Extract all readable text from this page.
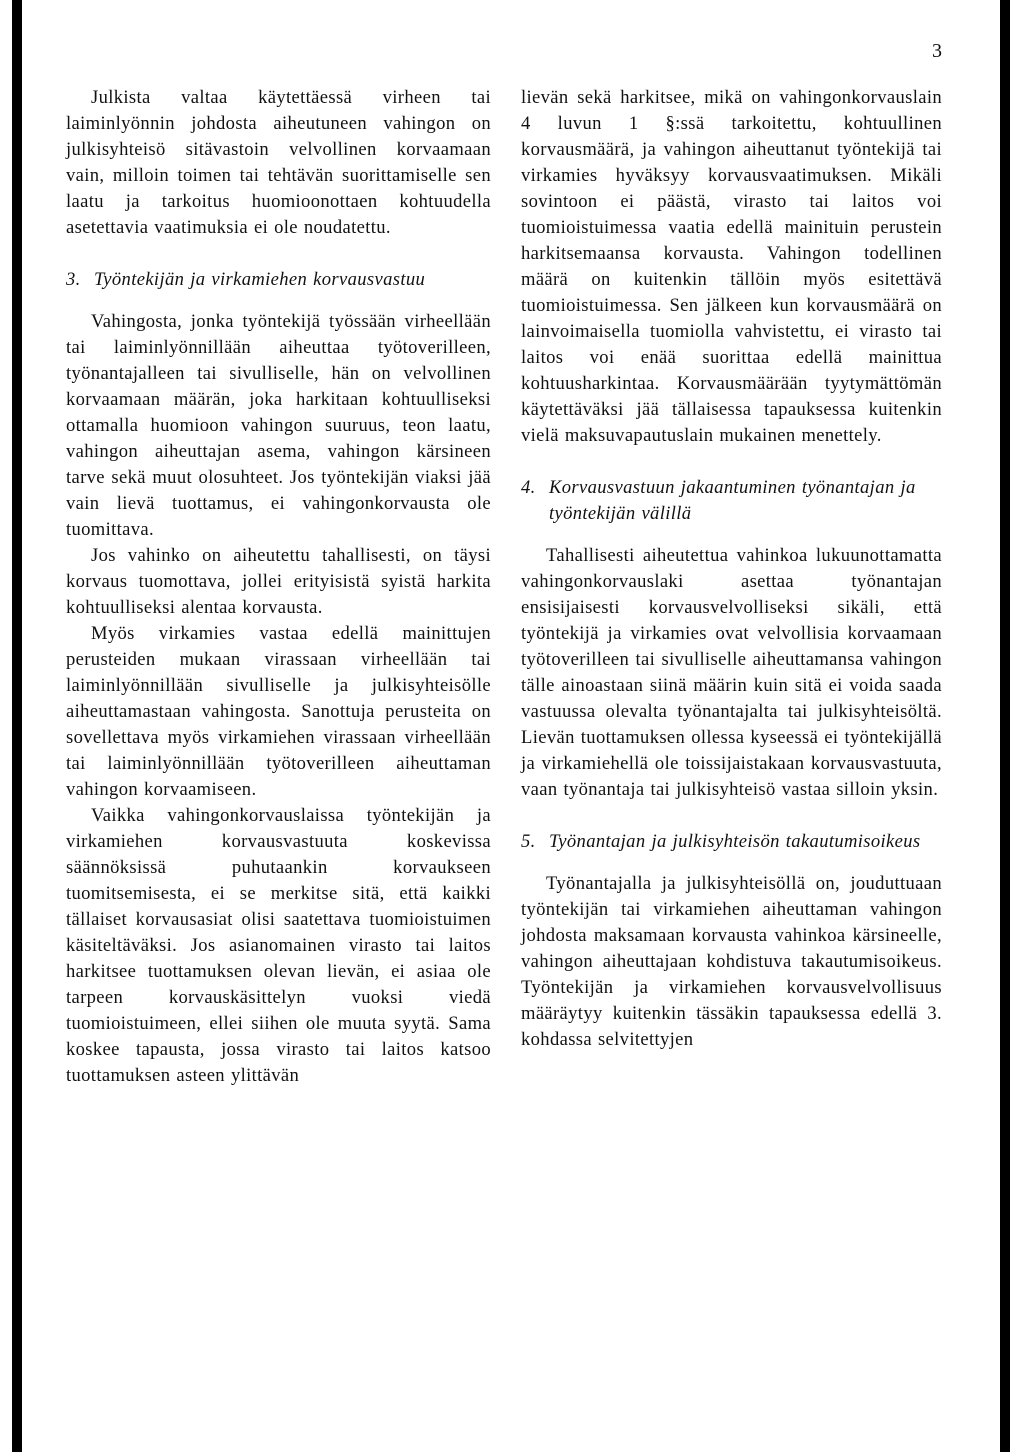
3

Julkista valtaa käytettäessä virheen tai laiminlyönnin johdosta aiheutuneen vahingon on julkisyhteisö sitävastoin velvollinen korvaamaan vain, milloin toimen tai tehtävän suorittamiselle sen laatu ja tarkoitus huomioonottaen kohtuudella asetettavia vaatimuksia ei ole noudatettu.

3. Työntekijän ja virkamiehen korvausvastuu

Vahingosta, jonka työntekijä työssään virheellään tai laiminlyönnillään aiheuttaa työtoverilleen, työnantajalleen tai sivulliselle, hän on velvollinen korvaamaan määrän, joka harkitaan kohtuulliseksi ottamalla huomioon vahingon suuruus, teon laatu, vahingon aiheuttajan asema, vahingon kärsineen tarve sekä muut olosuhteet. Jos työntekijän viaksi jää vain lievä tuottamus, ei vahingonkorvausta ole tuomittava.

Jos vahinko on aiheutettu tahallisesti, on täysi korvaus tuomottava, jollei erityisistä syistä harkita kohtuulliseksi alentaa korvausta.

Myös virkamies vastaa edellä mainittujen perusteiden mukaan virassaan virheellään tai laiminlyönnillään sivulliselle ja julkisyhteisölle aiheuttamastaan vahingosta. Sanottuja perusteita on sovellettava myös virkamiehen virassaan virheellään tai laiminlyönnillään työtoverilleen aiheuttaman vahingon korvaamiseen.

Vaikka vahingonkorvauslaissa työntekijän ja virkamiehen korvausvastuuta koskevissa säännöksissä puhutaankin korvaukseen tuomitsemisesta, ei se merkitse sitä, että kaikki tällaiset korvausasiat olisi saatettava tuomioistuimen käsiteltäväksi. Jos asianomainen virasto tai laitos harkitsee tuottamuksen olevan lievän, ei asiaa ole tarpeen korvauskäsittelyn vuoksi viedä tuomioistuimeen, ellei siihen ole muuta syytä. Sama koskee tapausta, jossa virasto tai laitos katsoo tuottamuksen asteen ylittävän

lievän sekä harkitsee, mikä on vahingonkorvauslain 4 luvun 1 §:ssä tarkoitettu, kohtuullinen korvausmäärä, ja vahingon aiheuttanut työntekijä tai virkamies hyväksyy korvausvaatimuksen. Mikäli sovintoon ei päästä, virasto tai laitos voi tuomioistuimessa vaatia edellä mainituin perustein harkitsemaansa korvausta. Vahingon todellinen määrä on kuitenkin tällöin myös esitettävä tuomioistuimessa. Sen jälkeen kun korvausmäärä on lainvoimaisella tuomiolla vahvistettu, ei virasto tai laitos voi enää suorittaa edellä mainittua kohtuusharkintaa. Korvausmäärään tyytymättömän käytettäväksi jää tällaisessa tapauksessa kuitenkin vielä maksuvapautuslain mukainen menettely.

4. Korvausvastuun jakaantuminen työnantajan ja työntekijän välillä

Tahallisesti aiheutettua vahinkoa lukuunottamatta vahingonkorvauslaki asettaa työnantajan ensisijaisesti korvausvelvolliseksi sikäli, että työntekijä ja virkamies ovat velvollisia korvaamaan työtoverilleen tai sivulliselle aiheuttamansa vahingon tälle ainoastaan siinä määrin kuin sitä ei voida saada vastuussa olevalta työnantajalta tai julkisyhteisöltä. Lievän tuottamuksen ollessa kyseessä ei työntekijällä ja virkamiehellä ole toissijaistakaan korvausvastuuta, vaan työnantaja tai julkisyhteisö vastaa silloin yksin.

5. Työnantajan ja julkisyhteisön takautumisoikeus

Työnantajalla ja julkisyhteisöllä on, jouduttuaan työntekijän tai virkamiehen aiheuttaman vahingon johdosta maksamaan korvausta vahinkoa kärsineelle, vahingon aiheuttajaan kohdistuva takautumisoikeus. Työntekijän ja virkamiehen korvausvelvollisuus määräytyy kuitenkin tässäkin tapauksessa edellä 3. kohdassa selvitettyjen
